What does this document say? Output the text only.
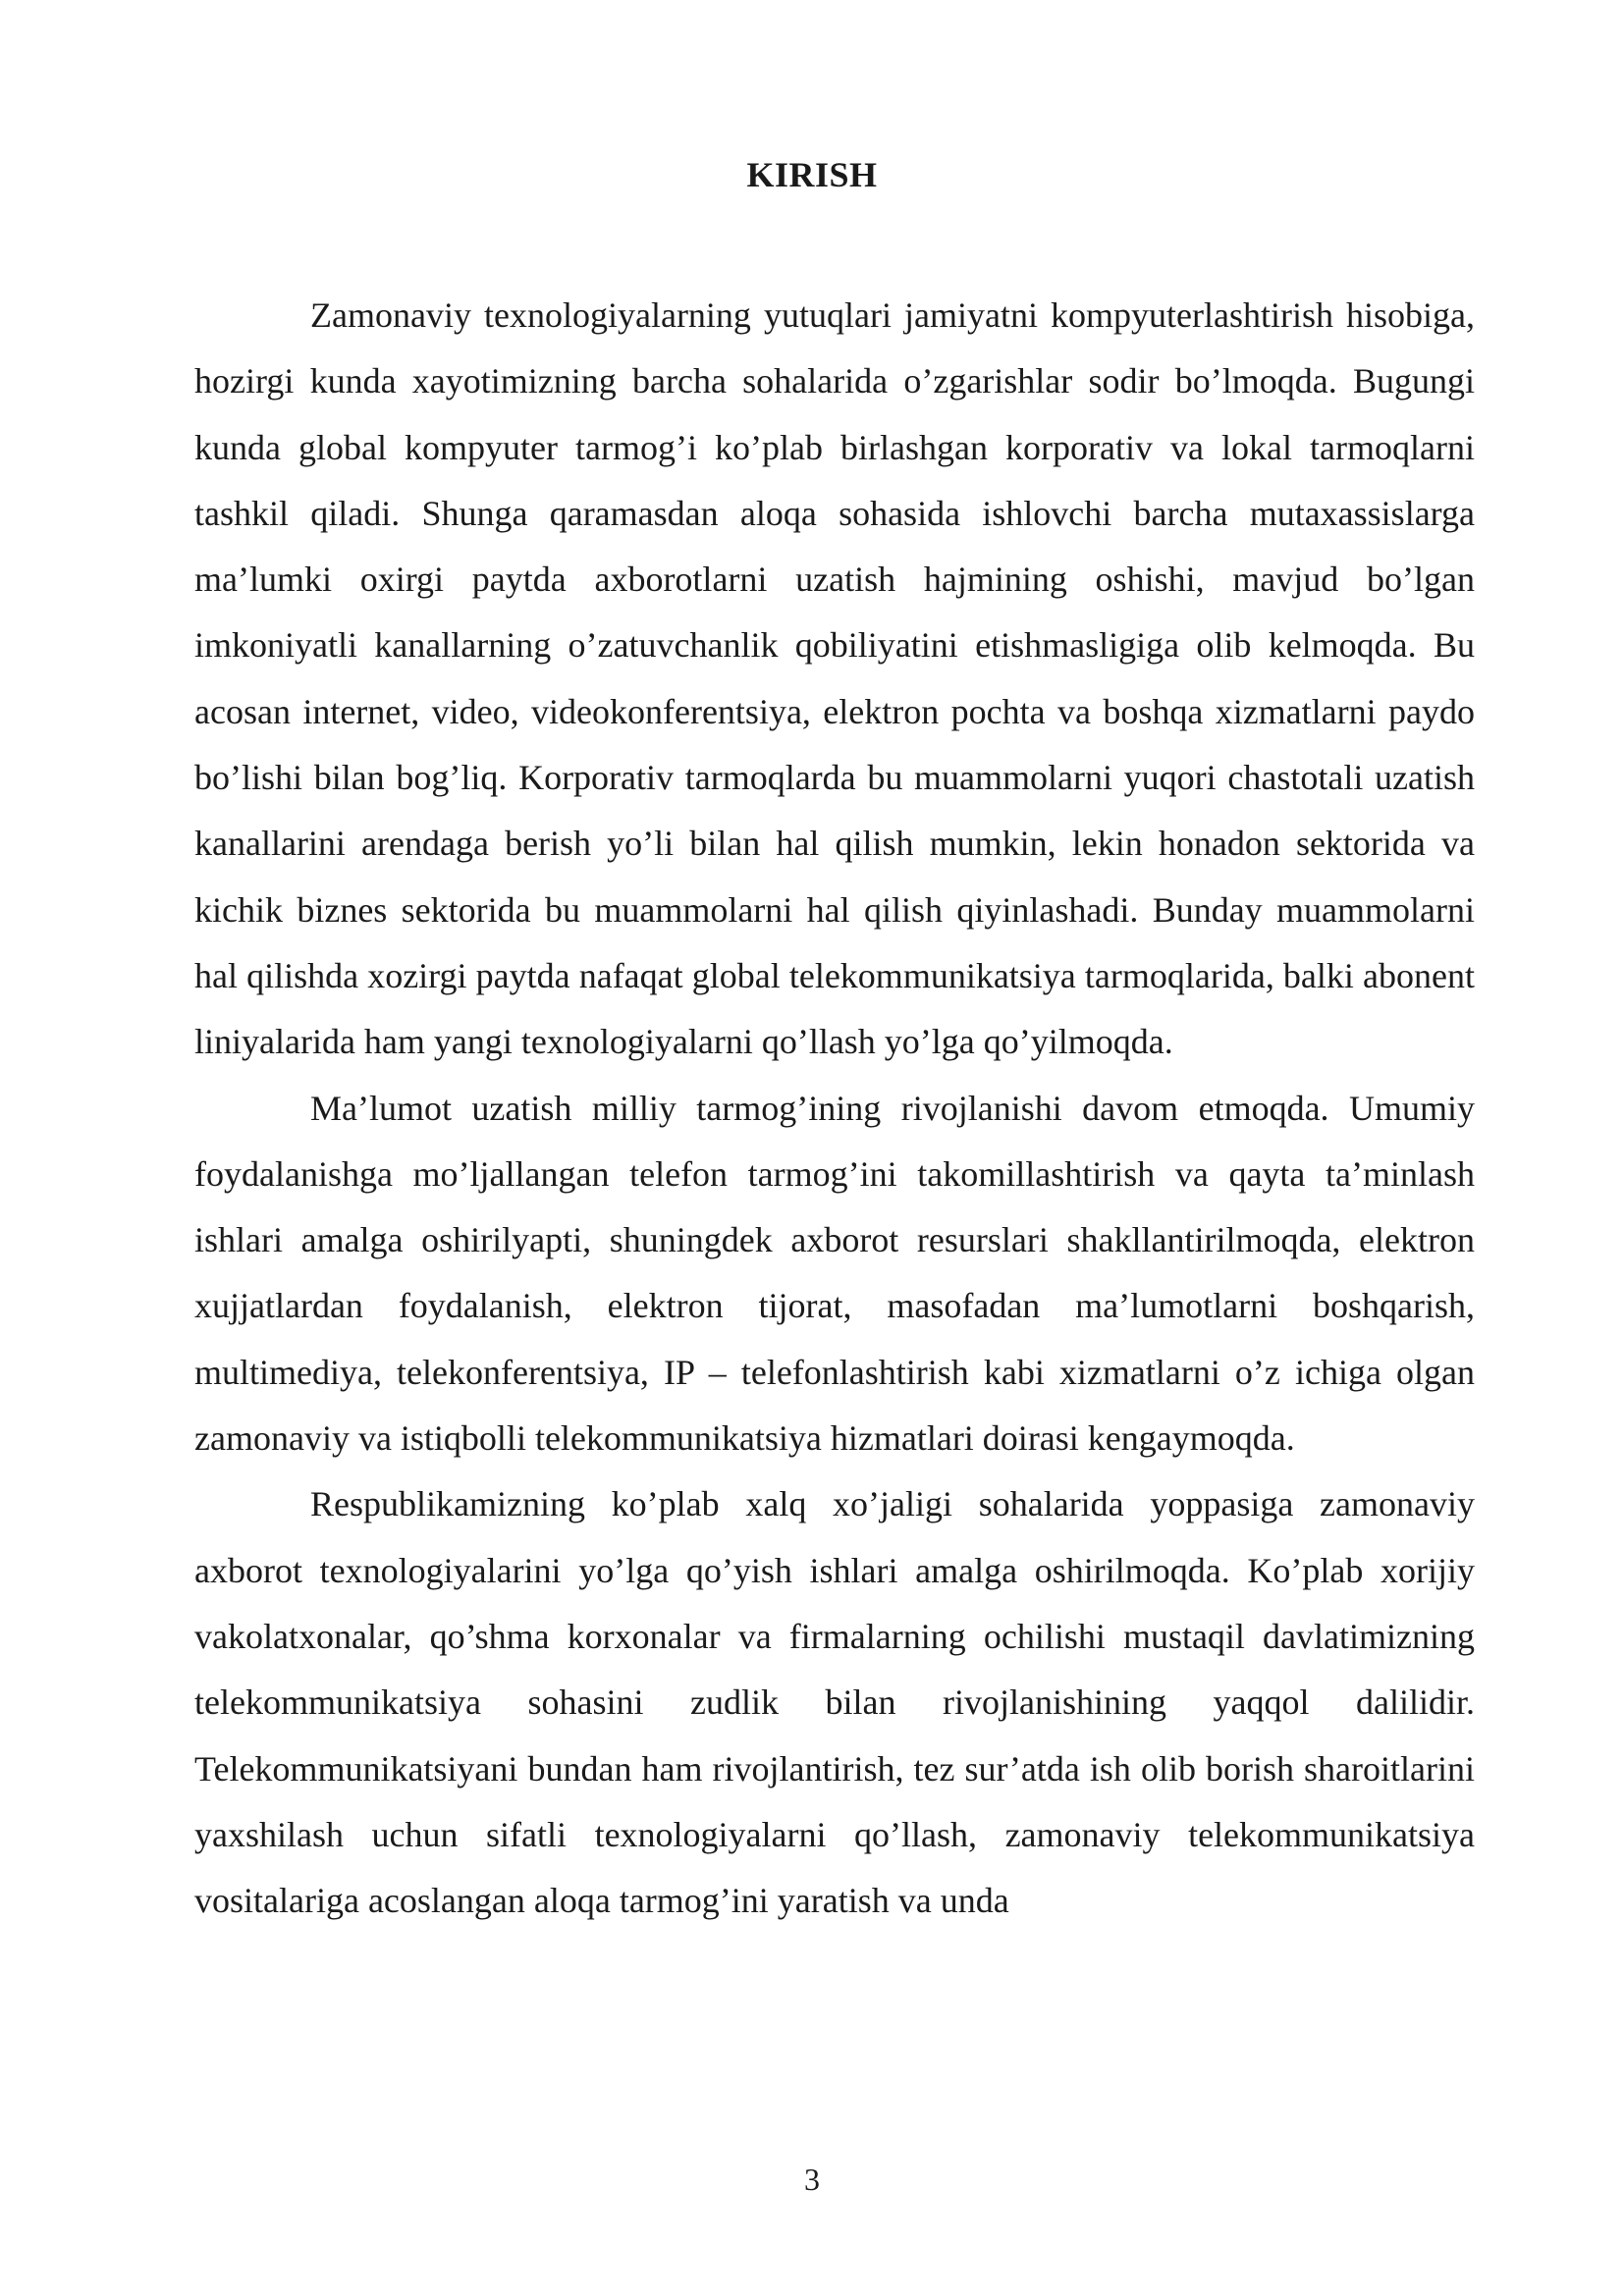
KIRISH

Zamonaviy texnologiyalarning yutuqlari jamiyatni kompyuterlashtirish hisobiga, hozirgi kunda xayotimizning barcha sohalarida o’zgarishlar sodir bo’lmoqda. Bugungi kunda global kompyuter tarmog’i ko’plab birlashgan korporativ va lokal tarmoqlarni tashkil qiladi. Shunga qaramasdan aloqa sohasida ishlovchi barcha mutaxassislarga ma’lumki oxirgi paytda axborotlarni uzatish hajmining oshishi, mavjud bo’lgan imkoniyatli kanallarning o’zatuvchanlik qobiliyatini etishmasligiga olib kelmoqda. Bu acosan internet, video, videokonferentsiya, elektron pochta va boshqa xizmatlarni paydo bo’lishi bilan bog’liq. Korporativ tarmoqlarda bu muammolarni yuqori chastotali uzatish kanallarini arendaga berish yo’li bilan hal qilish mumkin, lekin honadon sektorida va kichik biznes sektorida bu muammolarni hal qilish qiyinlashadi. Bunday muammolarni hal qilishda xozirgi paytda nafaqat global telekommunikatsiya tarmoqlarida, balki abonent liniyalarida ham yangi texnologiyalarni qo’llash yo’lga qo’yilmoqda.

Ma’lumot uzatish milliy tarmog’ining rivojlanishi davom etmoqda. Umumiy foydalanishga mo’ljallangan telefon tarmog’ini takomillashtirish va qayta ta’minlash ishlari amalga oshirilyapti, shuningdek axborot resurslari shakllantirilmoqda, elektron xujjatlardan foydalanish, elektron tijorat, masofadan ma’lumotlarni boshqarish, multimediya, telekonferentsiya, IP – telefonlashtirish kabi xizmatlarni o’z ichiga olgan zamonaviy va istiqbolli telekommunikatsiya hizmatlari doirasi kengaymoqda.

Respublikamizning ko’plab xalq xo’jaligi sohalarida yoppasiga zamonaviy axborot texnologiyalarini yo’lga qo’yish ishlari amalga oshirilmoqda. Ko’plab xorijiy vakolatxonalar, qo’shma korxonalar va firmalarning ochilishi mustaqil davlatimizning telekommunikatsiya sohasini zudlik bilan rivojlanishining yaqqol dalilidir. Telekommunikatsiyani bundan ham rivojlantirish, tez sur’atda ish olib borish sharoitlarini yaxshilash uchun sifatli texnologiyalarni qo’llash, zamonaviy telekommunikatsiya vositalariga acoslangan aloqa tarmog’ini yaratish va unda

3
